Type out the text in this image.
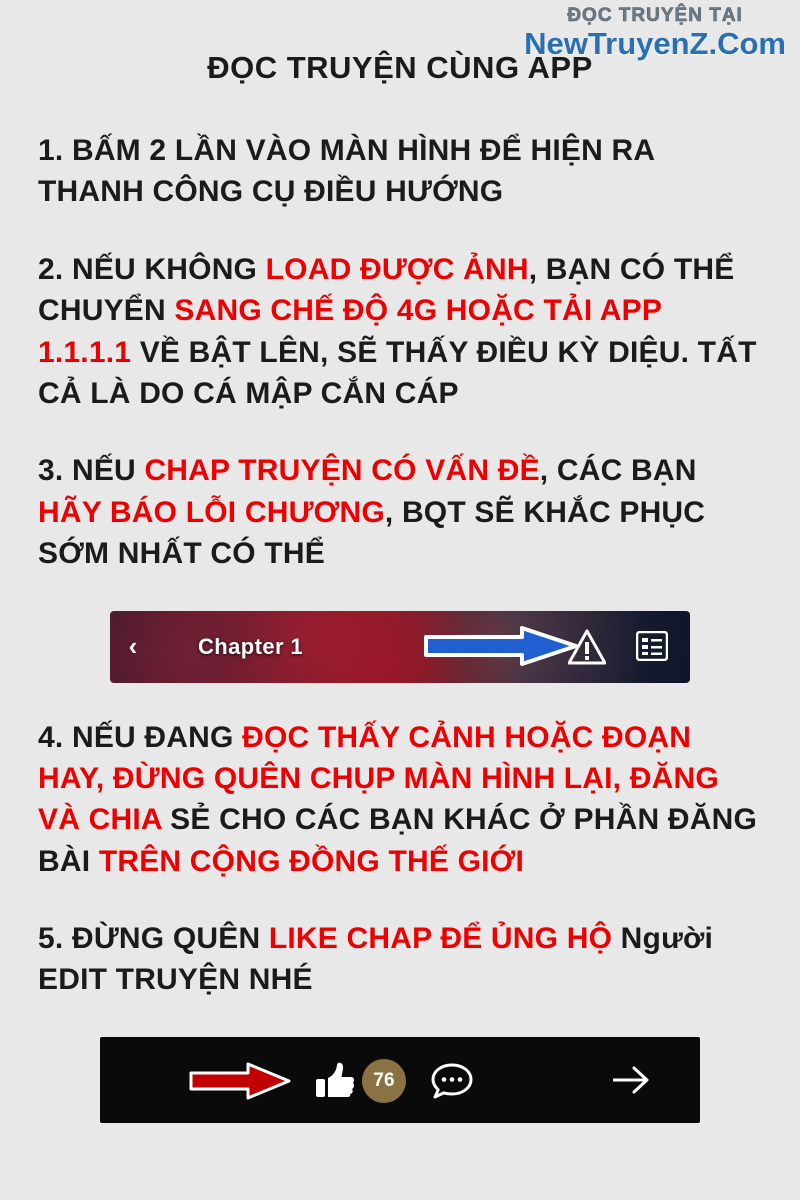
ĐỌC TRUYỆN TẠI
NewTruyenZ.Com
ĐỌC TRUYỆN CÙNG APP
1. BẤM 2 LẦN VÀO MÀN HÌNH ĐỂ HIỆN RA THANH CÔNG CỤ ĐIỀU HƯỚNG
2. NẾU KHÔNG LOAD ĐƯỢC ẢNH, BẠN CÓ THỂ CHUYỂN SANG CHẾ ĐỘ 4G HOẶC TẢI APP 1.1.1.1 VỀ BẬT LÊN, SẼ THẤY ĐIỀU KỲ DIỆU. TẤT CẢ LÀ DO CÁ MẬP CẮN CÁP
3. NẾU CHAP TRUYỆN CÓ VẤN ĐỀ, CÁC BẠN HÃY BÁO LỖI CHƯƠNG, BQT SẼ KHẮC PHỤC SỚM NHẤT CÓ THỂ
‹	Chapter 1
4. NẾU ĐANG ĐỌC THẤY CẢNH HOẶC ĐOẠN HAY, ĐỪNG QUÊN CHỤP MÀN HÌNH LẠI, ĐĂNG VÀ CHIA SẺ CHO CÁC BẠN KHÁC Ở PHẦN ĐĂNG BÀI TRÊN CỘNG ĐỒNG THẾ GIỚI
5. ĐỪNG QUÊN LIKE CHAP ĐỂ ỦNG HỘ Người EDIT TRUYỆN NHÉ
76
